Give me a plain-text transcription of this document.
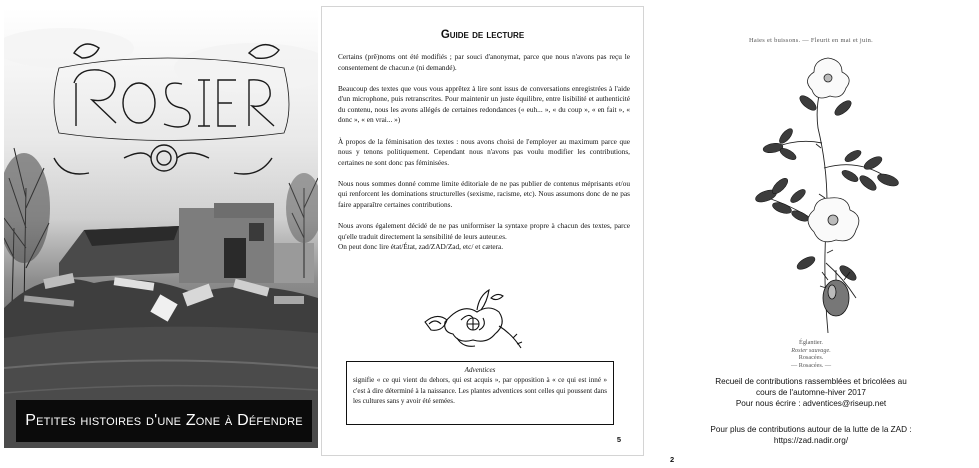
Petites histoires d'une Zone à Défendre
Guide de lecture

Certains (prê)noms ont été modifiés ; par souci d'anonymat, parce que nous n'avons pas reçu le consentement de chacun.e (ni demandé).

Beaucoup des textes que vous vous apprêtez à lire sont issus de conversations enregistrées à l'aide d'un microphone, puis retranscrites. Pour maintenir un juste équilibre, entre lisibilité et authenticité du contenu, nous les avons allégés de certaines redondances (« euh... », « du coup », « en fait », « donc », « en vrai... »)

À propos de la féminisation des textes : nous avons choisi de l'employer au maximum parce que nous y tenons politiquement. Cependant nous n'avons pas voulu modifier les contributions, certaines ne sont donc pas féminisées.

Nous nous sommes donné comme limite éditoriale de ne pas publier de contenus méprisants et/ou qui renforcent les dominations structurelles (sexisme, racisme, etc). Nous assumons donc de ne pas faire apparaître certaines contributions.

Nous avons également décidé de ne pas uniformiser la syntaxe propre à chacun des textes, parce qu'elle traduit directement la sensibilité de leurs auteur.es.

On peut donc lire état/État, zad/ZAD/Zad, etc/ et cætera.

Adventices
signifie « ce qui vient du dehors, qui est acquis », par opposition à « ce qui est inné » c'est à dire déterminé à la naissance. Les plantes adventices sont celles qui poussent dans les cultures sans y avoir été semées.
5
Haies et buissons. — Fleurit en mai et juin.
Églantier.
Rosier sauvage.
Rosacées.
— Rosacées. —
Recueil de contributions rassemblées et bricolées au
cours de l'automne-hiver 2017
Pour nous écrire : adventices@riseup.net
Pour plus de contributions autour de la lutte de la ZAD :
https://zad.nadir.org/
2
